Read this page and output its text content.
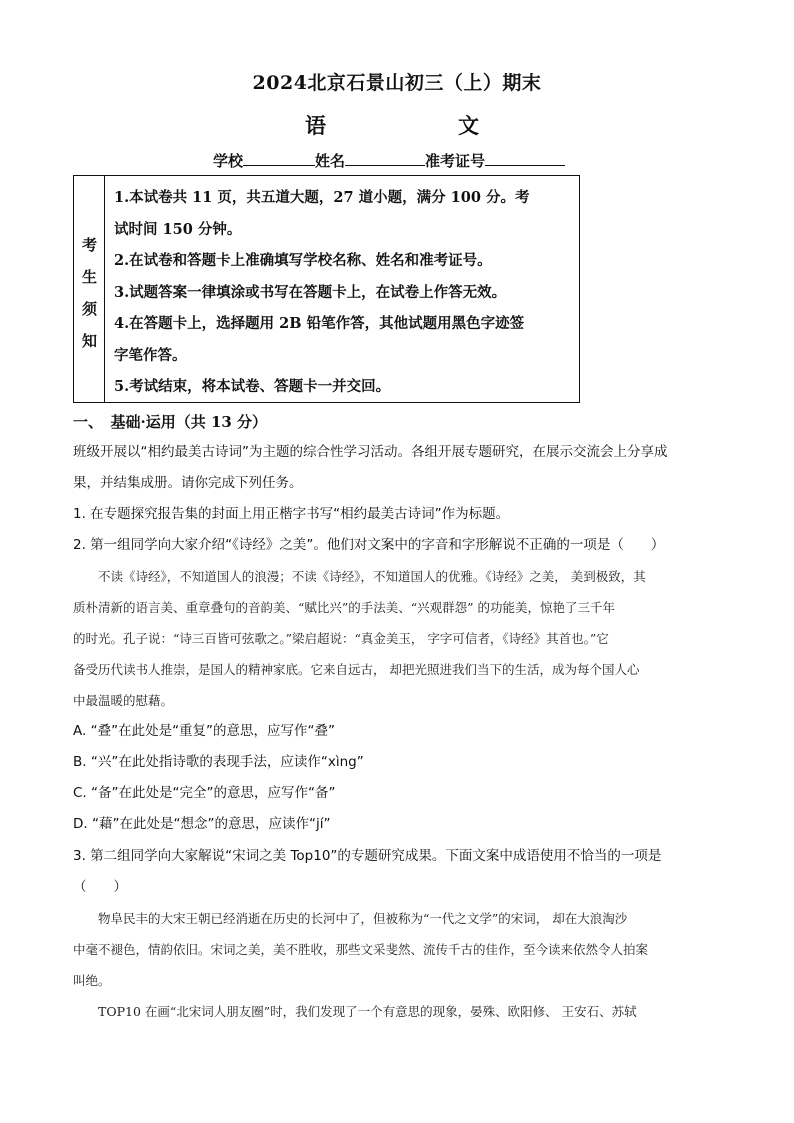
2024北京石景山初三（上）期末
语　　文
学校	姓名	准考证号
考
生
须
知
1.本试卷共 11 页，共五道大题，27 道小题，满分 100 分。考
试时间 150 分钟。
2.在试卷和答题卡上准确填写学校名称、姓名和准考证号。
3.试题答案一律填涂或书写在答题卡上，在试卷上作答无效。
4.在答题卡上，选择题用 2B 铅笔作答，其他试题用黑色字迹签
字笔作答。
5.考试结束，将本试卷、答题卡一并交回。
一、　基础·运用（共 13 分）
班级开展以“相约最美古诗词”为主题的综合性学习活动。各组开展专题研究，在展示交流会上分享成
果，并结集成册。请你完成下列任务。
1. 在专题探究报告集的封面上用正楷字书写“相约最美古诗词”作为标题。
2. 第一组同学向大家介绍“《诗经》之美”。他们对文案中的字音和字形解说不正确的一项是（　　）
　　不读《诗经》，不知道国人的浪漫；不读《诗经》，不知道国人的优雅。《诗经》之美， 美到极致，其
质朴清新的语言美、重章叠句的音韵美、“赋比兴”的手法美、“兴观群怨” 的功能美，惊艳了三千年
的时光。孔子说：“诗三百皆可弦歌之。”梁启超说：“真金美玉， 字字可信者，《诗经》其首也。”它
备受历代读书人推崇，是国人的精神家底。它来自远古， 却把光照进我们当下的生活，成为每个国人心
中最温暖的慰藉。
A. “叠”在此处是“重复”的意思，应写作“叠”
B. “兴”在此处指诗歌的表现手法，应读作“xìng”
C. “备”在此处是“完全”的意思，应写作“备”
D. “藉”在此处是“想念”的意思，应读作“jí”
3. 第二组同学向大家解说“宋词之美 Top10”的专题研究成果。下面文案中成语使用不恰当的一项是
（　　）
　　物阜民丰的大宋王朝已经消逝在历史的长河中了，但被称为“一代之文学”的宋词， 却在大浪淘沙
中毫不褪色，情韵依旧。宋词之美，美不胜收，那些文采斐然、流传千古的佳作，至今读来依然令人拍案
叫绝。
　　TOP10 在画“北宋词人朋友圈”时，我们发现了一个有意思的现象，晏殊、欧阳修、 王安石、苏轼
